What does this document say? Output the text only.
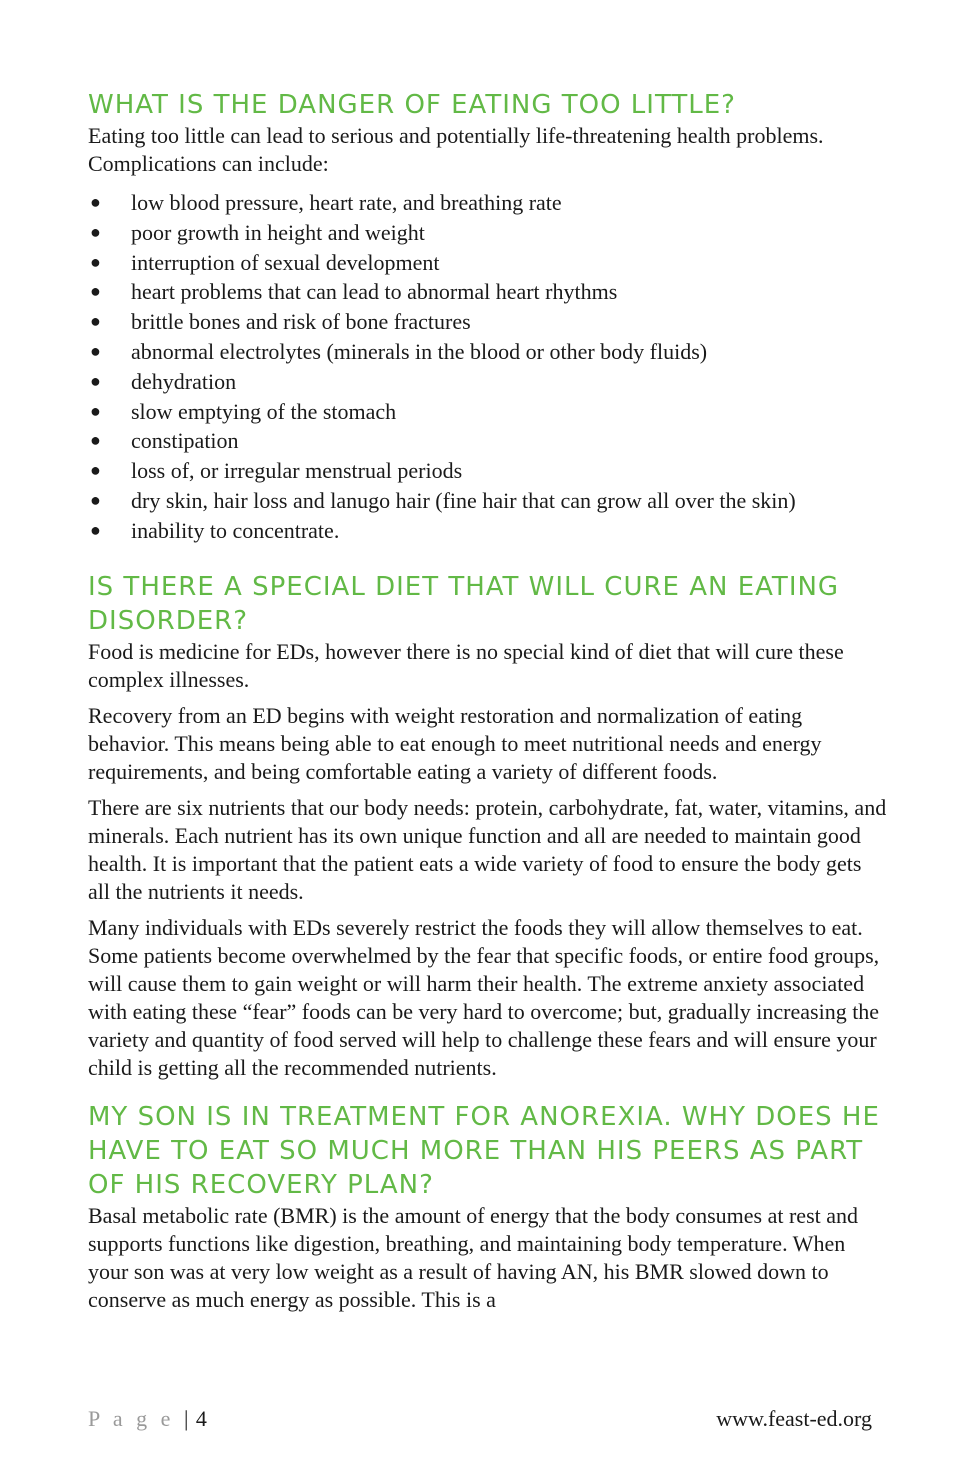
WHAT IS THE DANGER OF EATING TOO LITTLE?

Eating too little can lead to serious and potentially life-threatening health problems. Complications can include:

● low blood pressure, heart rate, and breathing rate
● poor growth in height and weight
● interruption of sexual development
● heart problems that can lead to abnormal heart rhythms
● brittle bones and risk of bone fractures
● abnormal electrolytes (minerals in the blood or other body fluids)
● dehydration
● slow emptying of the stomach
● constipation
● loss of, or irregular menstrual periods
● dry skin, hair loss and lanugo hair (fine hair that can grow all over the skin)
● inability to concentrate.
IS THERE A SPECIAL DIET THAT WILL CURE AN EATING DISORDER?

Food is medicine for EDs, however there is no special kind of diet that will cure these complex illnesses.

Recovery from an ED begins with weight restoration and normalization of eating behavior. This means being able to eat enough to meet nutritional needs and energy requirements, and being comfortable eating a variety of different foods.

There are six nutrients that our body needs: protein, carbohydrate, fat, water, vitamins, and minerals. Each nutrient has its own unique function and all are needed to maintain good health. It is important that the patient eats a wide variety of food to ensure the body gets all the nutrients it needs.

Many individuals with EDs severely restrict the foods they will allow themselves to eat. Some patients become overwhelmed by the fear that specific foods, or entire food groups, will cause them to gain weight or will harm their health. The extreme anxiety associated with eating these “fear” foods can be very hard to overcome; but, gradually increasing the variety and quantity of food served will help to challenge these fears and will ensure your child is getting all the recommended nutrients.

MY SON IS IN TREATMENT FOR ANOREXIA. WHY DOES HE HAVE TO EAT SO MUCH MORE THAN HIS PEERS AS PART OF HIS RECOVERY PLAN?

Basal metabolic rate (BMR) is the amount of energy that the body consumes at rest and supports functions like digestion, breathing, and maintaining body temperature. When your son was at very low weight as a result of having AN, his BMR slowed down to conserve as much energy as possible. This is a

P a g e | 4	www.feast-ed.org
